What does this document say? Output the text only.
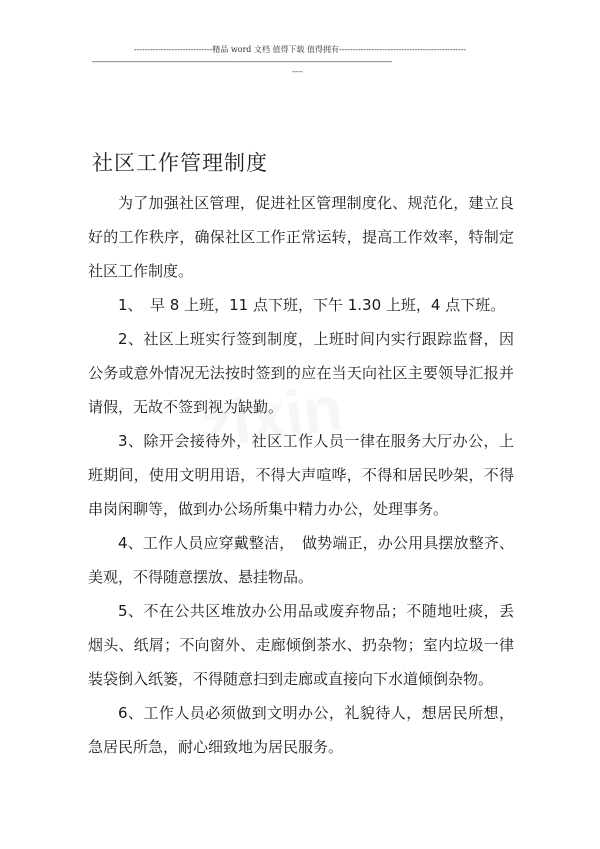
-----------------------------精品 word 文档 值得下载 值得拥有-----------------------------------------------
----------------------------------------------------------------------------------------------------------------------------------------
----
社区工作管理制度

为了加强社区管理，促进社区管理制度化、规范化，建立良好的工作秩序，确保社区工作正常运转，提高工作效率，特制定社区工作制度。

1、　早 8 上班，11 点下班，下午 1.30 上班，4 点下班。

2、社区上班实行签到制度，上班时间内实行跟踪监督，因公务或意外情况无法按时签到的应在当天向社区主要领导汇报并请假，无故不签到视为缺勤。

3、除开会接待外，社区工作人员一律在服务大厅办公，上班期间，使用文明用语，不得大声喧哗，不得和居民吵架，不得串岗闲聊等，做到办公场所集中精力办公，处理事务。

4、工作人员应穿戴整洁，　做势端正，办公用具摆放整齐、美观，不得随意摆放、悬挂物品。

5、不在公共区堆放办公用品或废弃物品；不随地吐痰，丢烟头、纸屑；不向窗外、走廊倾倒茶水、扔杂物；室内垃圾一律装袋倒入纸篓，不得随意扫到走廊或直接向下水道倾倒杂物。

6、工作人员必须做到文明办公，礼貌待人，想居民所想，急居民所急，耐心细致地为居民服务。
